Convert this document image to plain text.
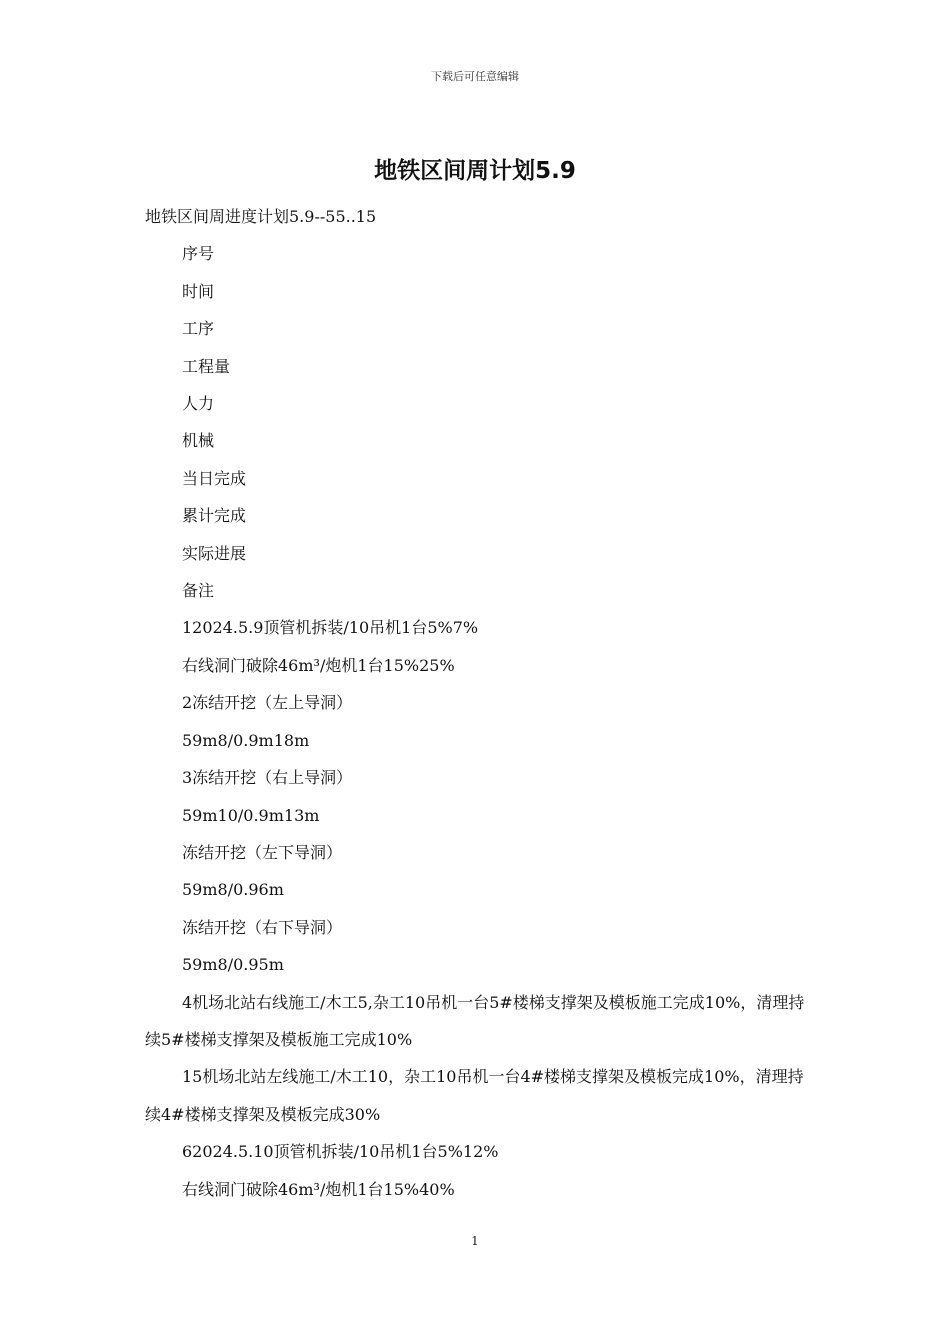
下载后可任意编辑
地铁区间周计划5.9

地铁区间周进度计划5.9--55..15

序号

时间

工序

工程量

人力

机械

当日完成

累计完成

实际进展

备注

12024.5.9顶管机拆装/10吊机1台5%7%

右线洞门破除46m³/炮机1台15%25%

2冻结开挖（左上导洞）

59m8/0.9m18m

3冻结开挖（右上导洞）

59m10/0.9m13m

冻结开挖（左下导洞）

59m8/0.96m

冻结开挖（右下导洞）

59m8/0.95m

4机场北站右线施工/木工5,杂工10吊机一台5#楼梯支撑架及模板施工完成10%，清理持续5#楼梯支撑架及模板施工完成10%

15机场北站左线施工/木工10，杂工10吊机一台4#楼梯支撑架及模板完成10%，清理持续4#楼梯支撑架及模板完成30%

62024.5.10顶管机拆装/10吊机1台5%12%

右线洞门破除46m³/炮机1台15%40%

1
